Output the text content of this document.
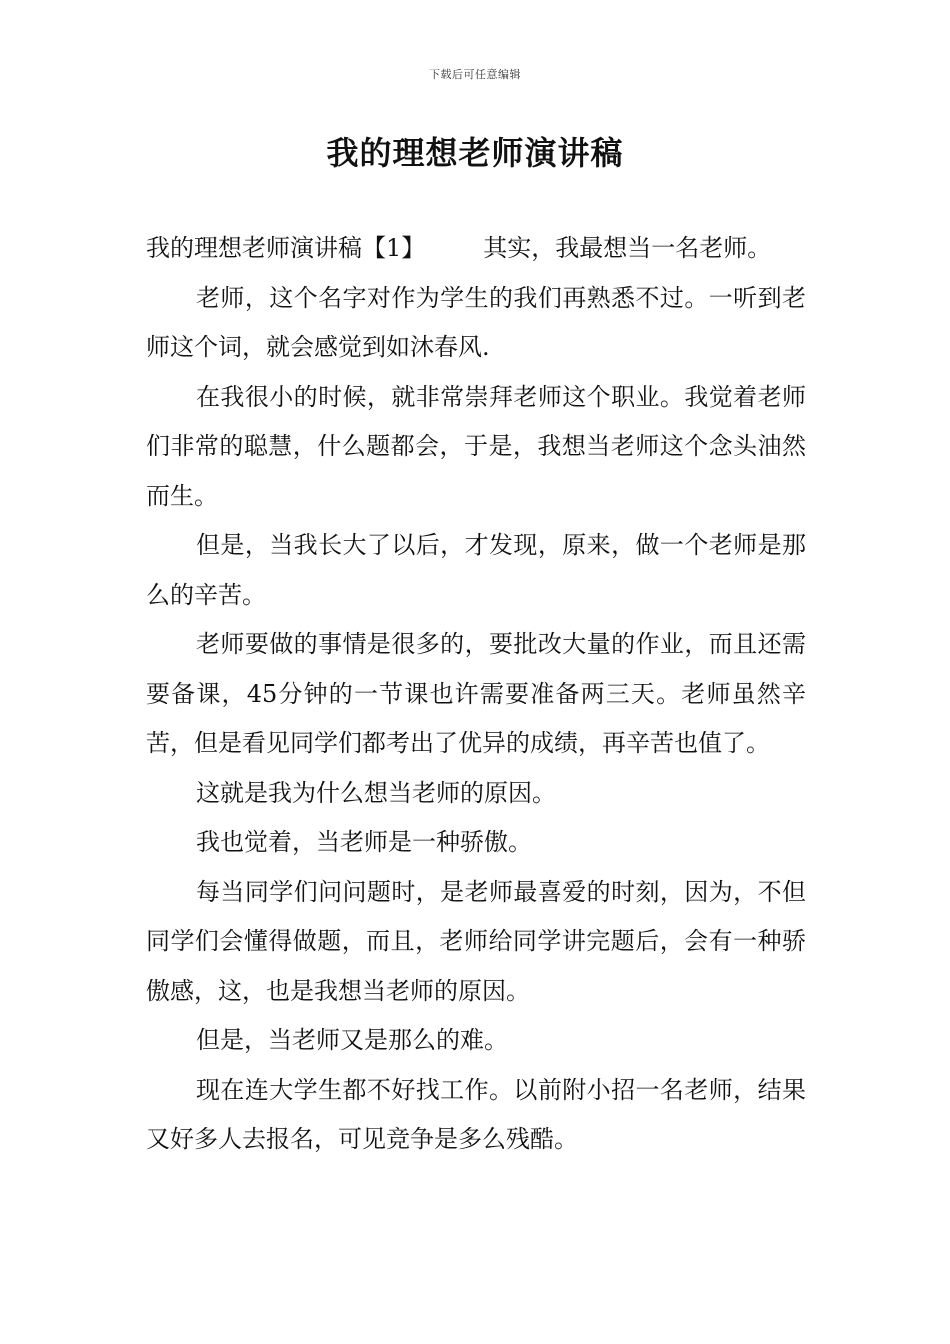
下载后可任意编辑
我的理想老师演讲稿

我的理想老师演讲稿【1】 其实，我最想当一名老师。

老师，这个名字对作为学生的我们再熟悉不过。一听到老师这个词，就会感觉到如沐春风.

在我很小的时候，就非常崇拜老师这个职业。我觉着老师们非常的聪慧，什么题都会，于是，我想当老师这个念头油然而生。

但是，当我长大了以后，才发现，原来，做一个老师是那么的辛苦。

老师要做的事情是很多的，要批改大量的作业，而且还需要备课，45分钟的一节课也许需要准备两三天。老师虽然辛苦，但是看见同学们都考出了优异的成绩，再辛苦也值了。

这就是我为什么想当老师的原因。

我也觉着，当老师是一种骄傲。

每当同学们问问题时，是老师最喜爱的时刻，因为，不但同学们会懂得做题，而且，老师给同学讲完题后，会有一种骄傲感，这，也是我想当老师的原因。

但是，当老师又是那么的难。

现在连大学生都不好找工作。以前附小招一名老师，结果又好多人去报名，可见竞争是多么残酷。
